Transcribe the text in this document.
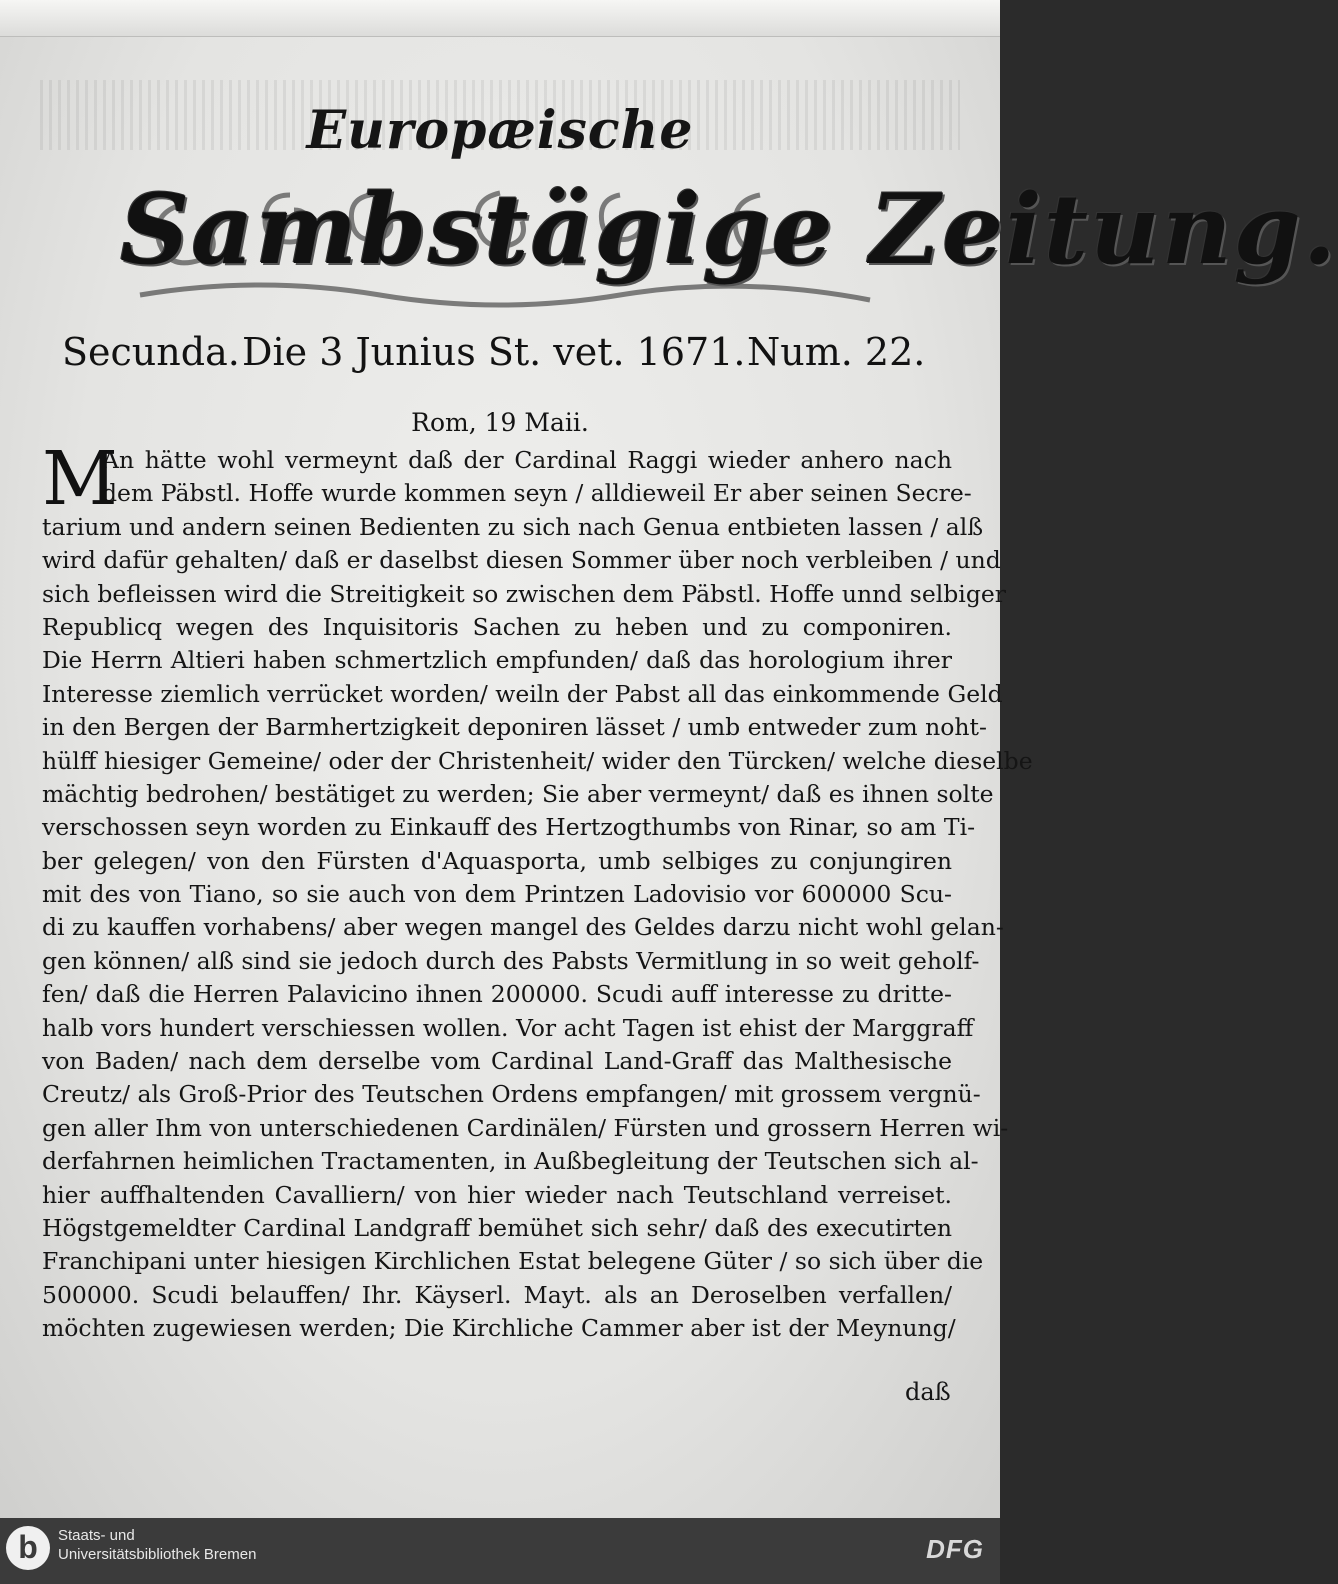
Europæische
Sambstägige Zeitung.
Secunda. Die 3 Junius St. vet. 1671. Num. 22.
Rom, 19 Maii.
M
An hätte wohl vermeynt daß der Cardinal Raggi wieder anhero nach
dem Päbstl. Hoffe wurde kommen seyn / alldieweil Er aber seinen Secre-
tarium und andern seinen Bedienten zu sich nach Genua entbieten lassen / alß
wird dafür gehalten/ daß er daselbst diesen Sommer über noch verbleiben / und
sich befleissen wird die Streitigkeit so zwischen dem Päbstl. Hoffe unnd selbiger
Republicq wegen des Inquisitoris Sachen zu heben und zu componiren.
Die Herrn Altieri haben schmertzlich empfunden/ daß das horologium ihrer
Interesse ziemlich verrücket worden/ weiln der Pabst all das einkommende Geld
in den Bergen der Barmhertzigkeit deponiren lässet / umb entweder zum noht-
hülff hiesiger Gemeine/ oder der Christenheit/ wider den Türcken/ welche dieselbe
mächtig bedrohen/ bestätiget zu werden; Sie aber vermeynt/ daß es ihnen solte
verschossen seyn worden zu Einkauff des Hertzogthumbs von Rinar, so am Ti-
ber gelegen/ von den Fürsten d'Aquasporta, umb selbiges zu conjungiren
mit des von Tiano, so sie auch von dem Printzen Ladovisio vor 600000 Scu-
di zu kauffen vorhabens/ aber wegen mangel des Geldes darzu nicht wohl gelan-
gen können/ alß sind sie jedoch durch des Pabsts Vermitlung in so weit geholf-
fen/ daß die Herren Palavicino ihnen 200000. Scudi auff interesse zu dritte-
halb vors hundert verschiessen wollen. Vor acht Tagen ist ehist der Marggraff
von Baden/ nach dem derselbe vom Cardinal Land-Graff das Malthesische
Creutz/ als Groß-Prior des Teutschen Ordens empfangen/ mit grossem vergnü-
gen aller Ihm von unterschiedenen Cardinälen/ Fürsten und grossern Herren wi-
derfahrnen heimlichen Tractamenten, in Außbegleitung der Teutschen sich al-
hier auffhaltenden Cavalliern/ von hier wieder nach Teutschland verreiset.
Högstgemeldter Cardinal Landgraff bemühet sich sehr/ daß des executirten
Franchipani unter hiesigen Kirchlichen Estat belegene Güter / so sich über die
500000. Scudi belauffen/ Ihr. Käyserl. Mayt. als an Deroselben verfallen/
möchten zugewiesen werden; Die Kirchliche Cammer aber ist der Meynung/
daß
b	Staats- und
Universitätsbibliothek Bremen	DFG
